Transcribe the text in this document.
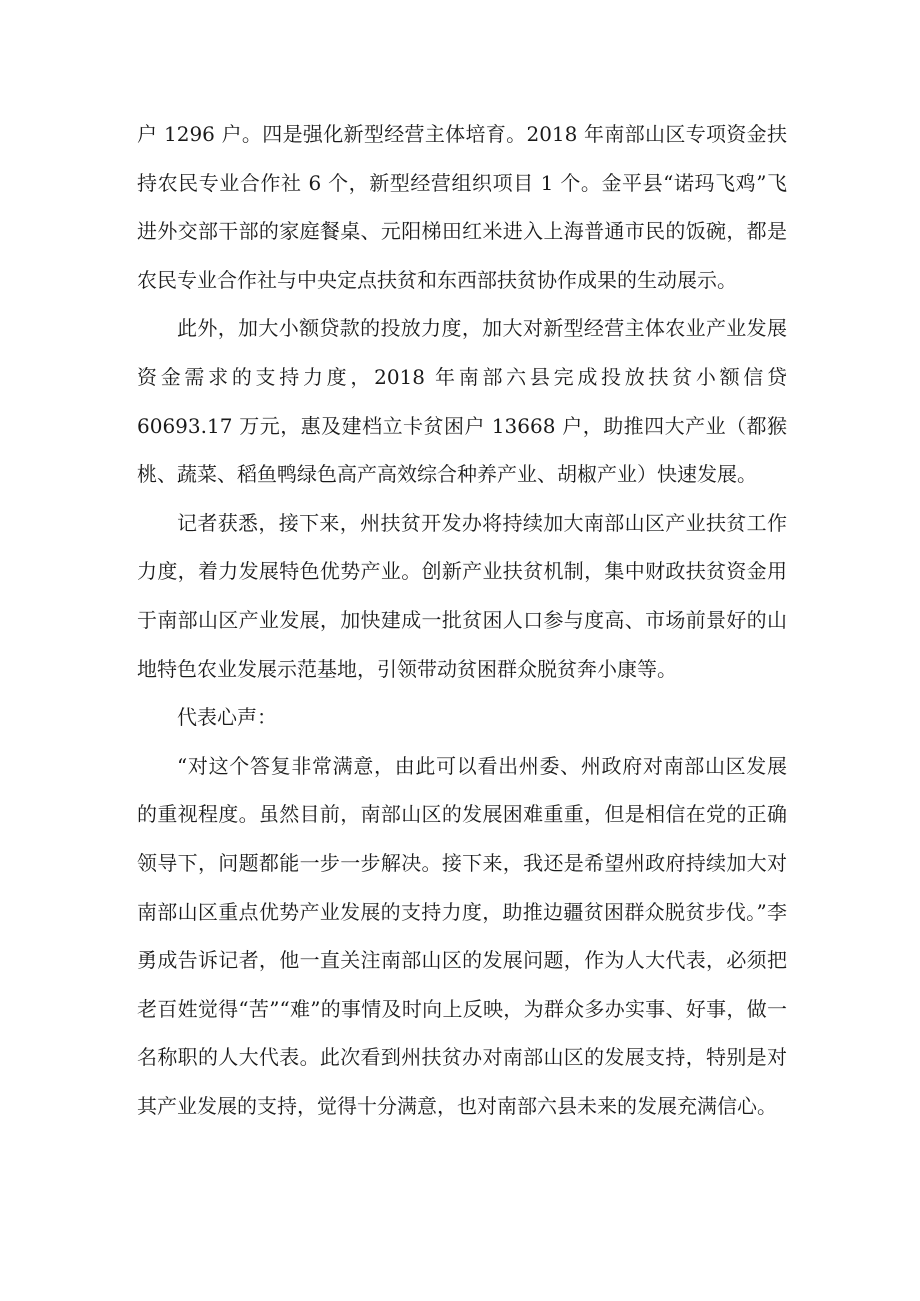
户 1296 户。四是强化新型经营主体培育。2018 年南部山区专项资金扶持农民专业合作社 6 个，新型经营组织项目 1 个。金平县“诺玛飞鸡”飞进外交部干部的家庭餐桌、元阳梯田红米进入上海普通市民的饭碗，都是农民专业合作社与中央定点扶贫和东西部扶贫协作成果的生动展示。

此外，加大小额贷款的投放力度，加大对新型经营主体农业产业发展资金需求的支持力度，2018 年南部六县完成投放扶贫小额信贷 60693.17 万元，惠及建档立卡贫困户 13668 户，助推四大产业（都猴桃、蔬菜、稻鱼鸭绿色高产高效综合种养产业、胡椒产业）快速发展。

记者获悉，接下来，州扶贫开发办将持续加大南部山区产业扶贫工作力度，着力发展特色优势产业。创新产业扶贫机制，集中财政扶贫资金用于南部山区产业发展，加快建成一批贫困人口参与度高、市场前景好的山地特色农业发展示范基地，引领带动贫困群众脱贫奔小康等。

代表心声：

“对这个答复非常满意，由此可以看出州委、州政府对南部山区发展的重视程度。虽然目前，南部山区的发展困难重重，但是相信在党的正确领导下，问题都能一步一步解决。接下来，我还是希望州政府持续加大对南部山区重点优势产业发展的支持力度，助推边疆贫困群众脱贫步伐。”李勇成告诉记者，他一直关注南部山区的发展问题，作为人大代表，必须把老百姓觉得“苦”“难”的事情及时向上反映，为群众多办实事、好事，做一名称职的人大代表。此次看到州扶贫办对南部山区的发展支持，特别是对其产业发展的支持，觉得十分满意，也对南部六县未来的发展充满信心。
